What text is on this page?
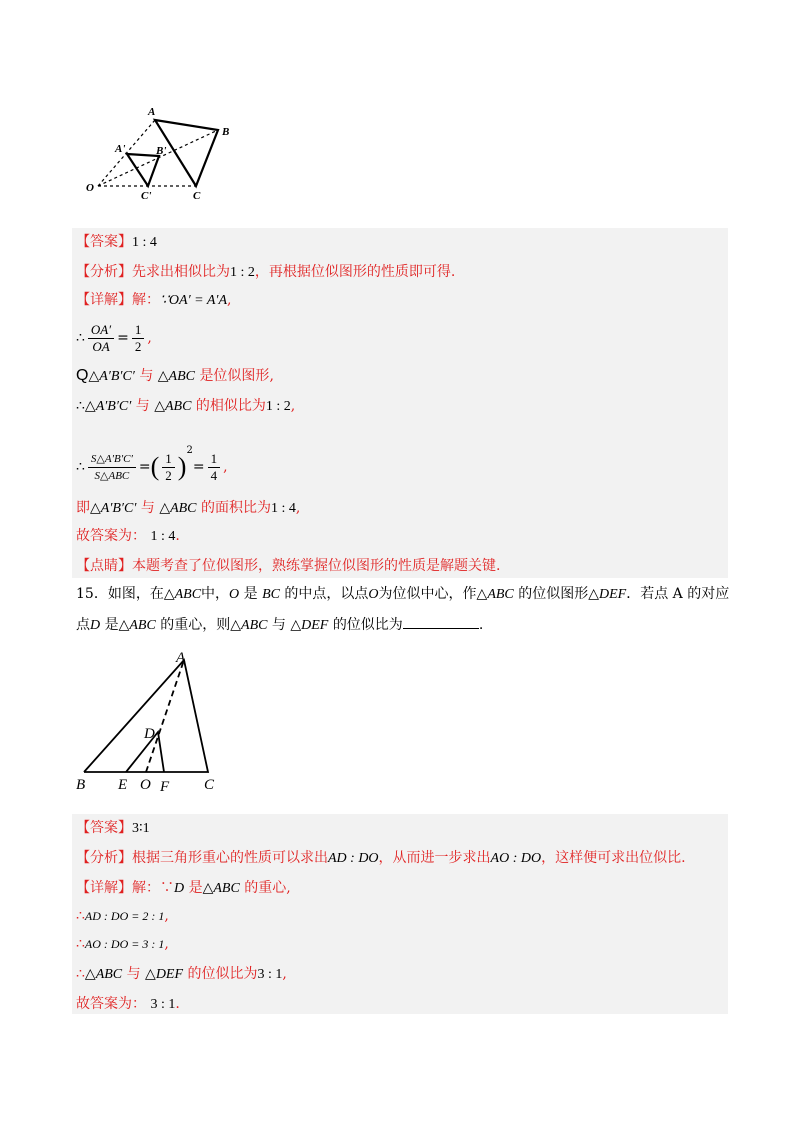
A
B
C
A'	B'
C'
O
【答案】1 : 4
【分析】先求出相似比为1 : 2，再根据位似图形的性质即可得.
【详解】解：∵OA′ = A′A,
∴ $\frac{OA'}{OA} = \frac{1}{2}$ ,
Q△A′B′C′ 与 △ABC 是位似图形,
∴△A′B′C′ 与 △ABC 的相似比为1 : 2,
∴ $\frac{S\triangle A'B'C'}{\text{S△ABC}}$ =( $\frac{1}{2} )^2= \frac{1}{4}$ ,
即△A′B′C′ 与 △ABC 的面积比为1 : 4,
故答案为： 1 : 4.
【点睛】本题考查了位似图形，熟练掌握位似图形的性质是解题关键.
15．如图，在△ABC中，O 是 BC 的中点，以点O为位似中心，作△ABC 的位似图形△DEF．若点 A 的对应
点D 是△ABC 的重心，则△ABC 与 △DEF 的位似比为	.
A
B	C
D
E O F
【答案】3∶1
【分析】根据三角形重心的性质可以求出AD : DO，从而进一步求出AO : DO，这样便可求出位似比.
【详解】解：∵D 是△ABC 的重心,
∴AD : DO = 2 : 1,
∴AO : DO = 3 : 1,
∴△ABC 与 △DEF 的位似比为3 : 1,
故答案为： 3 : 1.
